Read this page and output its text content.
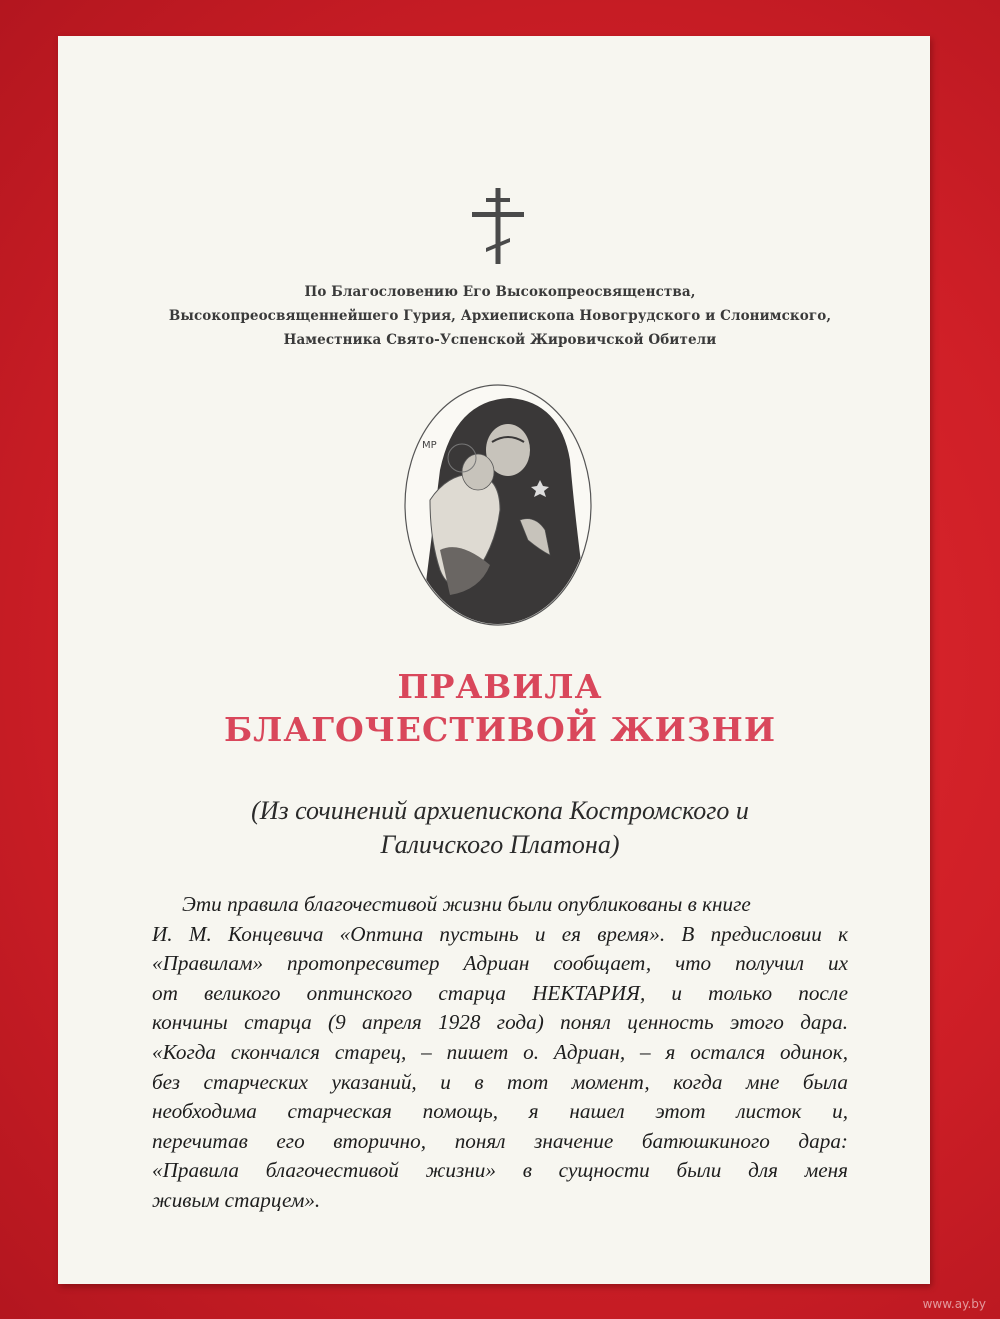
По Благословению Его Высокопреосвященства,
Высокопреосвященнейшего Гурия, Архиепископа Новогрудского и Слонимского,
Наместника Свято-Успенской Жировичской Обители
МР
ПРАВИЛА
БЛАГОЧЕСТИВОЙ ЖИЗНИ
(Из сочинений архиепископа Костромского и
Галичского Платона)
Эти правила благочестивой жизни были опубликованы в книге
И. М. Концевича «Оптина пустынь и ея время». В предисловии к
«Правилам» протопресвитер Адриан сообщает, что получил их
от великого оптинского старца НЕКТАРИЯ, и только после
кончины старца (9 апреля 1928 года) понял ценность этого дара.
«Когда скончался старец, – пишет о. Адриан, – я остался одинок,
без старческих указаний, и в тот момент, когда мне была
необходима старческая помощь, я нашел этот листок и,
перечитав его вторично, понял значение батюшкиного дара:
«Правила благочестивой жизни» в сущности были для меня
живым старцем».
www.ay.by
